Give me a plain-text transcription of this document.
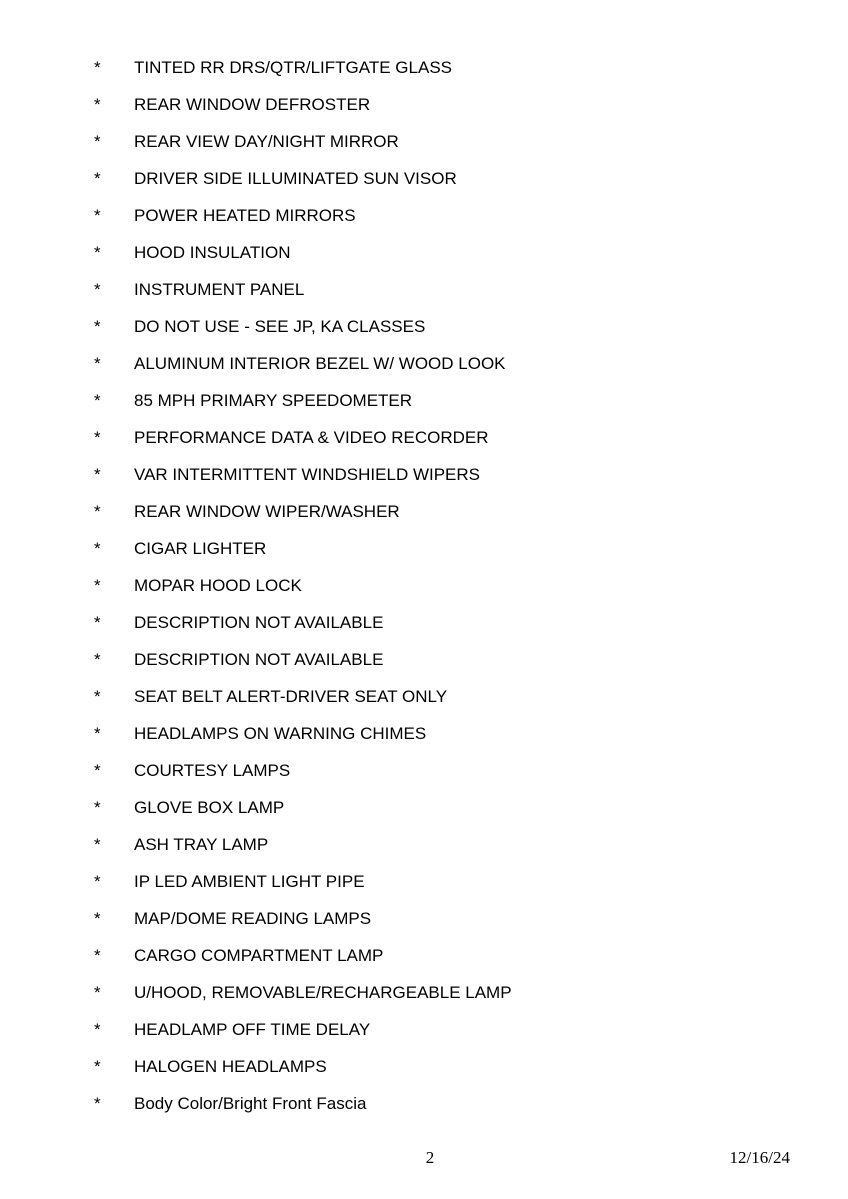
*	TINTED RR DRS/QTR/LIFTGATE GLASS
*	REAR WINDOW DEFROSTER
*	REAR VIEW DAY/NIGHT MIRROR
*	DRIVER SIDE ILLUMINATED SUN VISOR
*	POWER HEATED MIRRORS
*	HOOD INSULATION
*	INSTRUMENT PANEL
*	DO NOT USE - SEE JP, KA CLASSES
*	ALUMINUM INTERIOR BEZEL W/ WOOD LOOK
*	85 MPH PRIMARY SPEEDOMETER
*	PERFORMANCE DATA & VIDEO RECORDER
*	VAR INTERMITTENT WINDSHIELD WIPERS
*	REAR WINDOW WIPER/WASHER
*	CIGAR LIGHTER
*	MOPAR HOOD LOCK
*	DESCRIPTION NOT AVAILABLE
*	DESCRIPTION NOT AVAILABLE
*	SEAT BELT ALERT-DRIVER SEAT ONLY
*	HEADLAMPS ON WARNING CHIMES
*	COURTESY LAMPS
*	GLOVE BOX LAMP
*	ASH TRAY LAMP
*	IP LED AMBIENT LIGHT PIPE
*	MAP/DOME READING LAMPS
*	CARGO COMPARTMENT LAMP
*	U/HOOD, REMOVABLE/RECHARGEABLE LAMP
*	HEADLAMP OFF TIME DELAY
*	HALOGEN HEADLAMPS
*	Body Color/Bright Front Fascia
2	12/16/24
